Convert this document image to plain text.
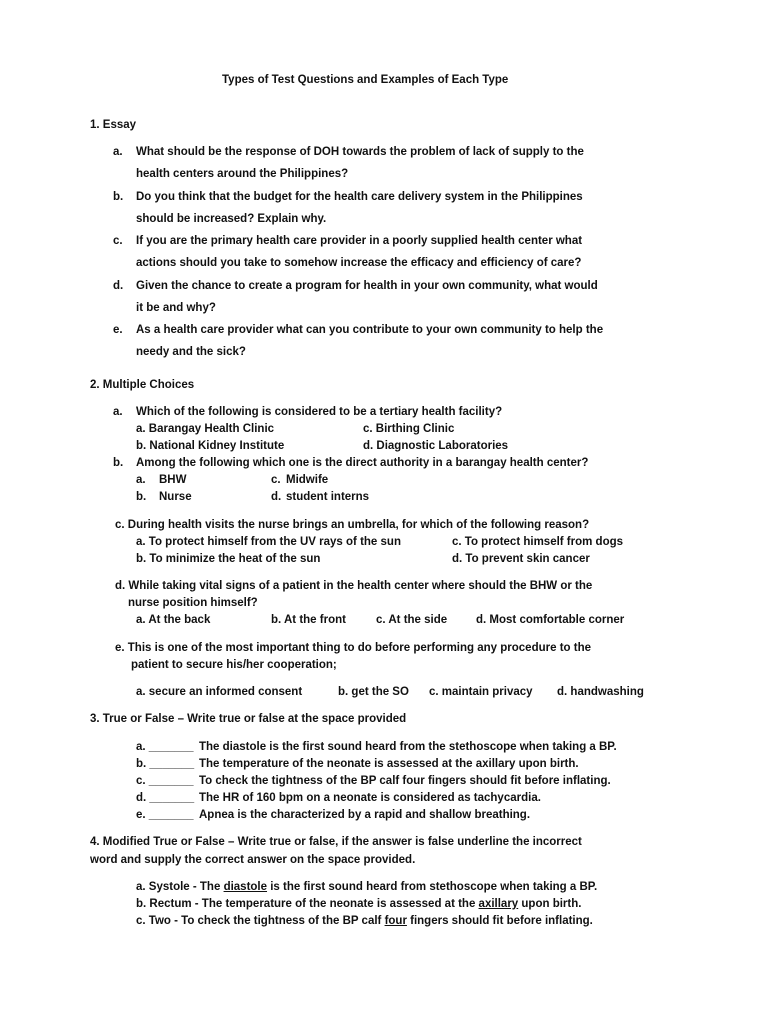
Types of Test Questions and Examples of Each Type
1. Essay
a. What should be the response of DOH towards the problem of lack of supply to the
health centers around the Philippines?
b. Do you think that the budget for the health care delivery system in the Philippines
should be increased? Explain why.
c. If you are the primary health care provider in a poorly supplied health center what
actions should you take to somehow increase the efficacy and efficiency of care?
d. Given the chance to create a program for health in your own community, what would
it be and why?
e. As a health care provider what can you contribute to your own community to help the
needy and the sick?
2. Multiple Choices
a. Which of the following is considered to be a tertiary health facility?
a. Barangay Health Clinic	c. Birthing Clinic
b. National Kidney Institute	d. Diagnostic Laboratories
b. Among the following which one is the direct authority in a barangay health center?
a. BHW	c. Midwife
b. Nurse	d. student interns
c. During health visits the nurse brings an umbrella, for which of the following reason?
a. To protect himself from the UV rays of the sun	c. To protect himself from dogs
b. To minimize the heat of the sun	d. To prevent skin cancer
d. While taking vital signs of a patient in the health center where should the BHW or the
nurse position himself?
a. At the back	b. At the front	c. At the side	d. Most comfortable corner
e. This is one of the most important thing to do before performing any procedure to the
patient to secure his/her cooperation;
a. secure an informed consent	b. get the SO c. maintain privacy d. handwashing
3. True or False – Write true or false at the space provided
a. _______ The diastole is the first sound heard from the stethoscope when taking a BP.
b. _______ The temperature of the neonate is assessed at the axillary upon birth.
c. _______ To check the tightness of the BP calf four fingers should fit before inflating.
d. _______ The HR of 160 bpm on a neonate is considered as tachycardia.
e. _______ Apnea is the characterized by a rapid and shallow breathing.
4. Modified True or False – Write true or false, if the answer is false underline the incorrect
word and supply the correct answer on the space provided.
a. Systole - The diastole is the first sound heard from stethoscope when taking a BP.
b. Rectum - The temperature of the neonate is assessed at the axillary upon birth.
c. Two - To check the tightness of the BP calf four fingers should fit before inflating.
